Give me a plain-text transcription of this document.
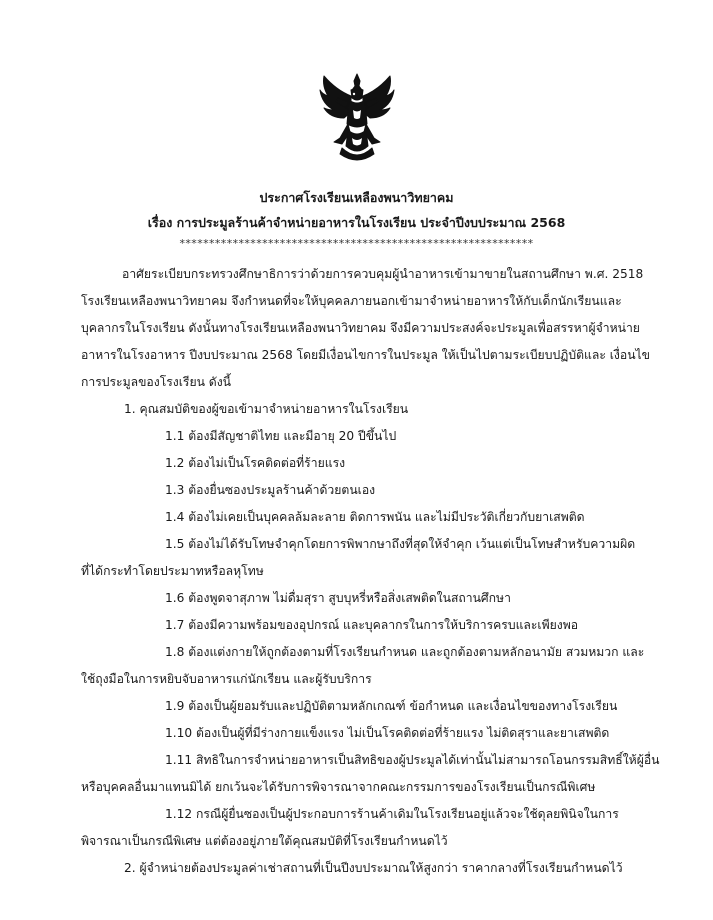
ประกาศโรงเรียนเหลืองพนาวิทยาคม
เรื่อง การประมูลร้านค้าจำหน่ายอาหารในโรงเรียน ประจำปีงบประมาณ 2568
************************************************************
อาศัยระเบียบกระทรวงศึกษาธิการว่าด้วยการควบคุมผู้นำอาหารเข้ามาขายในสถานศึกษา พ.ศ. 2518
โรงเรียนเหลืองพนาวิทยาคม จึงกำหนดที่จะให้บุคคลภายนอกเข้ามาจำหน่ายอาหารให้กับเด็กนักเรียนและ
บุคลากรในโรงเรียน ดังนั้นทางโรงเรียนเหลืองพนาวิทยาคม จึงมีความประสงค์จะประมูลเพื่อสรรหาผู้จำหน่าย
อาหารในโรงอาหาร ปีงบประมาณ 2568 โดยมีเงื่อนไขการในประมูล ให้เป็นไปตามระเบียบปฏิบัติและ เงื่อนไข
การประมูลของโรงเรียน ดังนี้
1. คุณสมบัติของผู้ขอเข้ามาจำหน่ายอาหารในโรงเรียน
1.1 ต้องมีสัญชาติไทย และมีอายุ 20 ปีขึ้นไป
1.2 ต้องไม่เป็นโรคติดต่อที่ร้ายแรง
1.3 ต้องยื่นซองประมูลร้านค้าด้วยตนเอง
1.4 ต้องไม่เคยเป็นบุคคลล้มละลาย ติดการพนัน และไม่มีประวัติเกี่ยวกับยาเสพติด
1.5 ต้องไม่ได้รับโทษจำคุกโดยการพิพากษาถึงที่สุดให้จำคุก เว้นแต่เป็นโทษสำหรับความผิด
ที่ได้กระทำโดยประมาทหรือลหุโทษ
1.6 ต้องพูดจาสุภาพ ไม่ดื่มสุรา สูบบุหรี่หรือสิ่งเสพติดในสถานศึกษา
1.7 ต้องมีความพร้อมของอุปกรณ์ และบุคลากรในการให้บริการครบและเพียงพอ
1.8 ต้องแต่งกายให้ถูกต้องตามที่โรงเรียนกำหนด และถูกต้องตามหลักอนามัย สวมหมวก และ
ใช้ถุงมือในการหยิบจับอาหารแก่นักเรียน และผู้รับบริการ
1.9 ต้องเป็นผู้ยอมรับและปฏิบัติตามหลักเกณฑ์ ข้อกำหนด และเงื่อนไขของทางโรงเรียน
1.10 ต้องเป็นผู้ที่มีร่างกายแข็งแรง ไม่เป็นโรคติดต่อที่ร้ายแรง ไม่ติดสุราและยาเสพติด
1.11 สิทธิในการจำหน่ายอาหารเป็นสิทธิของผู้ประมูลได้เท่านั้นไม่สามารถโอนกรรมสิทธิ์ให้ผู้อื่น
หรือบุคคลอื่นมาแทนมิได้ ยกเว้นจะได้รับการพิจารณาจากคณะกรรมการของโรงเรียนเป็นกรณีพิเศษ
1.12 กรณีผู้ยื่นซองเป็นผู้ประกอบการร้านค้าเดิมในโรงเรียนอยู่แล้วจะใช้ดุลยพินิจในการ
พิจารณาเป็นกรณีพิเศษ แต่ต้องอยู่ภายใต้คุณสมบัติที่โรงเรียนกำหนดไว้
2. ผู้จำหน่ายต้องประมูลค่าเช่าสถานที่เป็นปีงบประมาณให้สูงกว่า ราคากลางที่โรงเรียนกำหนดไว้
